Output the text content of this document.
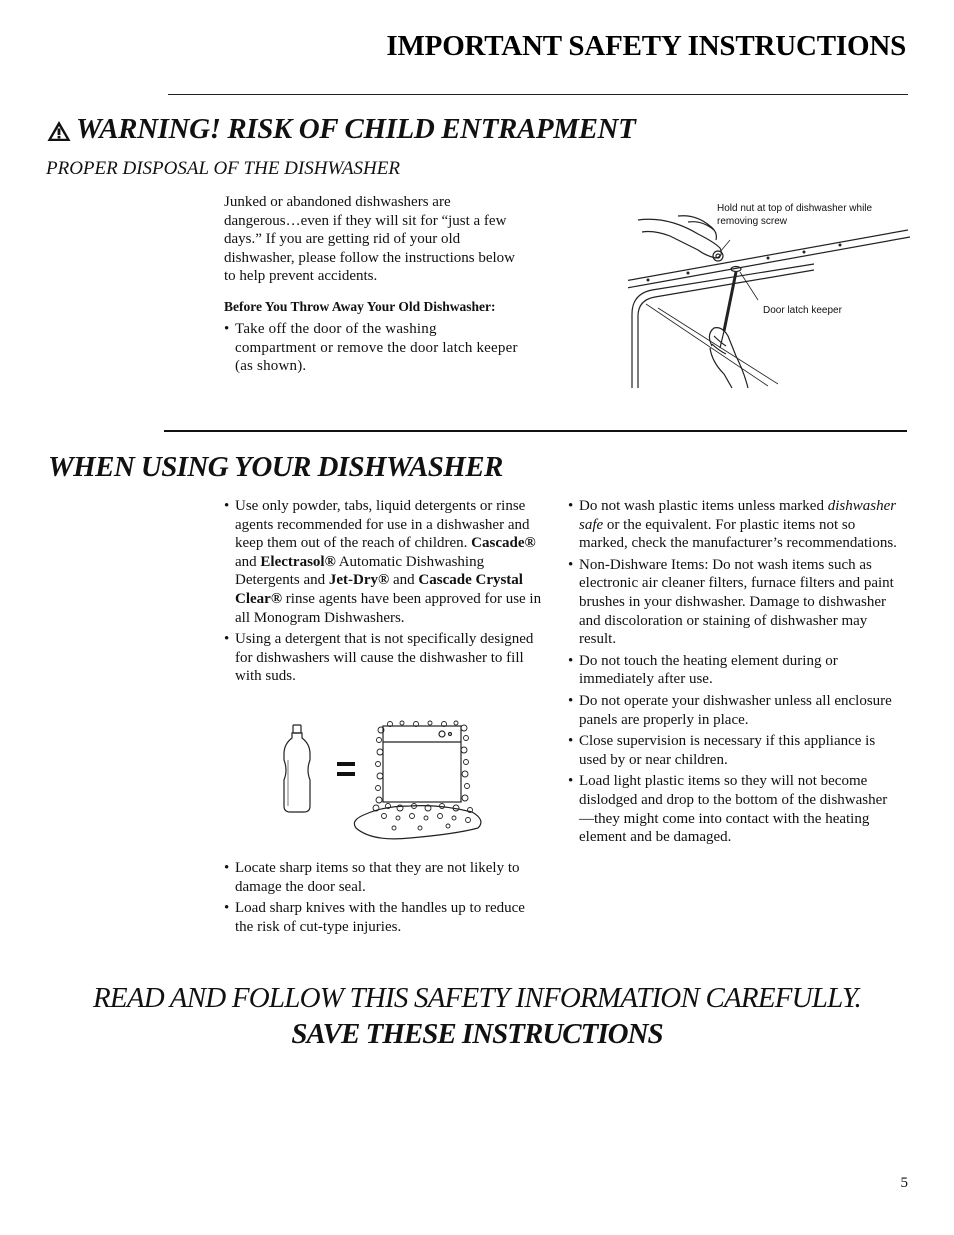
IMPORTANT SAFETY INSTRUCTIONS
WARNING! RISK OF CHILD ENTRAPMENT
PROPER DISPOSAL OF THE DISHWASHER

Junked or abandoned dishwashers are dangerous…even if they will sit for “just a few days.” If you are getting rid of your old dishwasher, please follow the instructions below to help prevent accidents.

Before You Throw Away Your Old Dishwasher:

• Take off the door of the washing compartment or remove the door latch keeper (as shown).
Hold nut at top of dishwasher while removing screw
Door latch keeper
WHEN USING YOUR DISHWASHER
• Use only powder, tabs, liquid detergents or rinse agents recommended for use in a dishwasher and keep them out of the reach of children. Cascade® and Electrasol® Automatic Dishwashing Detergents and Jet-Dry® and Cascade Crystal Clear® rinse agents have been approved for use in all Monogram Dishwashers.
• Using a detergent that is not specifically designed for dishwashers will cause the dishwasher to fill with suds.
• Locate sharp items so that they are not likely to damage the door seal.
• Load sharp knives with the handles up to reduce the risk of cut-type injuries.
• Do not wash plastic items unless marked dishwasher safe or the equivalent. For plastic items not so marked, check the manufacturer’s recommendations.
• Non-Dishware Items: Do not wash items such as electronic air cleaner filters, furnace filters and paint brushes in your dishwasher. Damage to dishwasher and discoloration or staining of dishwasher may result.
• Do not touch the heating element during or immediately after use.
• Do not operate your dishwasher unless all enclosure panels are properly in place.
• Close supervision is necessary if this appliance is used by or near children.
• Load light plastic items so they will not become dislodged and drop to the bottom of the dishwasher—they might come into contact with the heating element and be damaged.

READ AND FOLLOW THIS SAFETY INFORMATION CAREFULLY.

SAVE THESE INSTRUCTIONS

5
